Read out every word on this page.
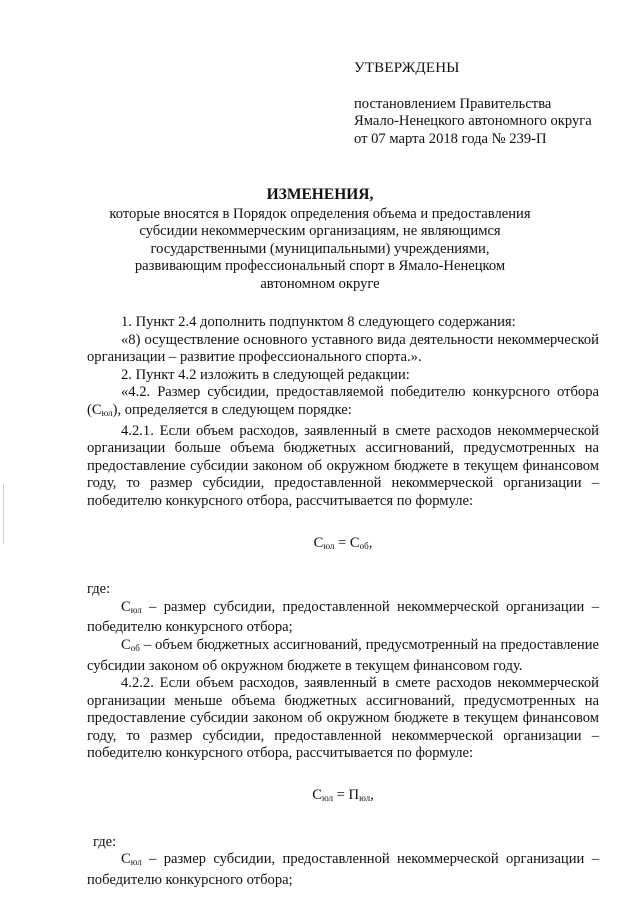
УТВЕРЖДЕНЫ
постановлением Правительства
Ямало-Ненецкого автономного округа
от 07 марта 2018 года № 239-П
ИЗМЕНЕНИЯ,
которые вносятся в Порядок определения объема и предоставления
субсидии некоммерческим организациям, не являющимся
государственными (муниципальными) учреждениями,
развивающим профессиональный спорт в Ямало-Ненецком
автономном округе
1. Пункт 2.4 дополнить подпунктом 8 следующего содержания:
«8) осуществление основного уставного вида деятельности некоммерческой организации – развитие профессионального спорта.».
2. Пункт 4.2 изложить в следующей редакции:
«4.2. Размер субсидии, предоставляемой победителю конкурсного отбора $(С_{юл})$, определяется в следующем порядке:
4.2.1. Если объем расходов, заявленный в смете расходов некоммерческой организации больше объема бюджетных ассигнований, предусмотренных на предоставление субсидии законом об окружном бюджете в текущем финансовом году, то размер субсидии, предоставленной некоммерческой организации – победителю конкурсного отбора, рассчитывается по формуле:
$С_{юл} = С_{об}$,
где:
$С_{юл}$ – размер субсидии, предоставленной некоммерческой организации – победителю конкурсного отбора;
$С_{об}$ – объем бюджетных ассигнований, предусмотренный на предоставление субсидии законом об окружном бюджете в текущем финансовом году.
4.2.2. Если объем расходов, заявленный в смете расходов некоммерческой организации меньше объема бюджетных ассигнований, предусмотренных на предоставление субсидии законом об окружном бюджете в текущем финансовом году, то размер субсидии, предоставленной некоммерческой организации – победителю конкурсного отбора, рассчитывается по формуле:
$С_{юл} = П_{юл}$,
где:
$С_{юл}$ – размер субсидии, предоставленной некоммерческой организации – победителю конкурсного отбора;
